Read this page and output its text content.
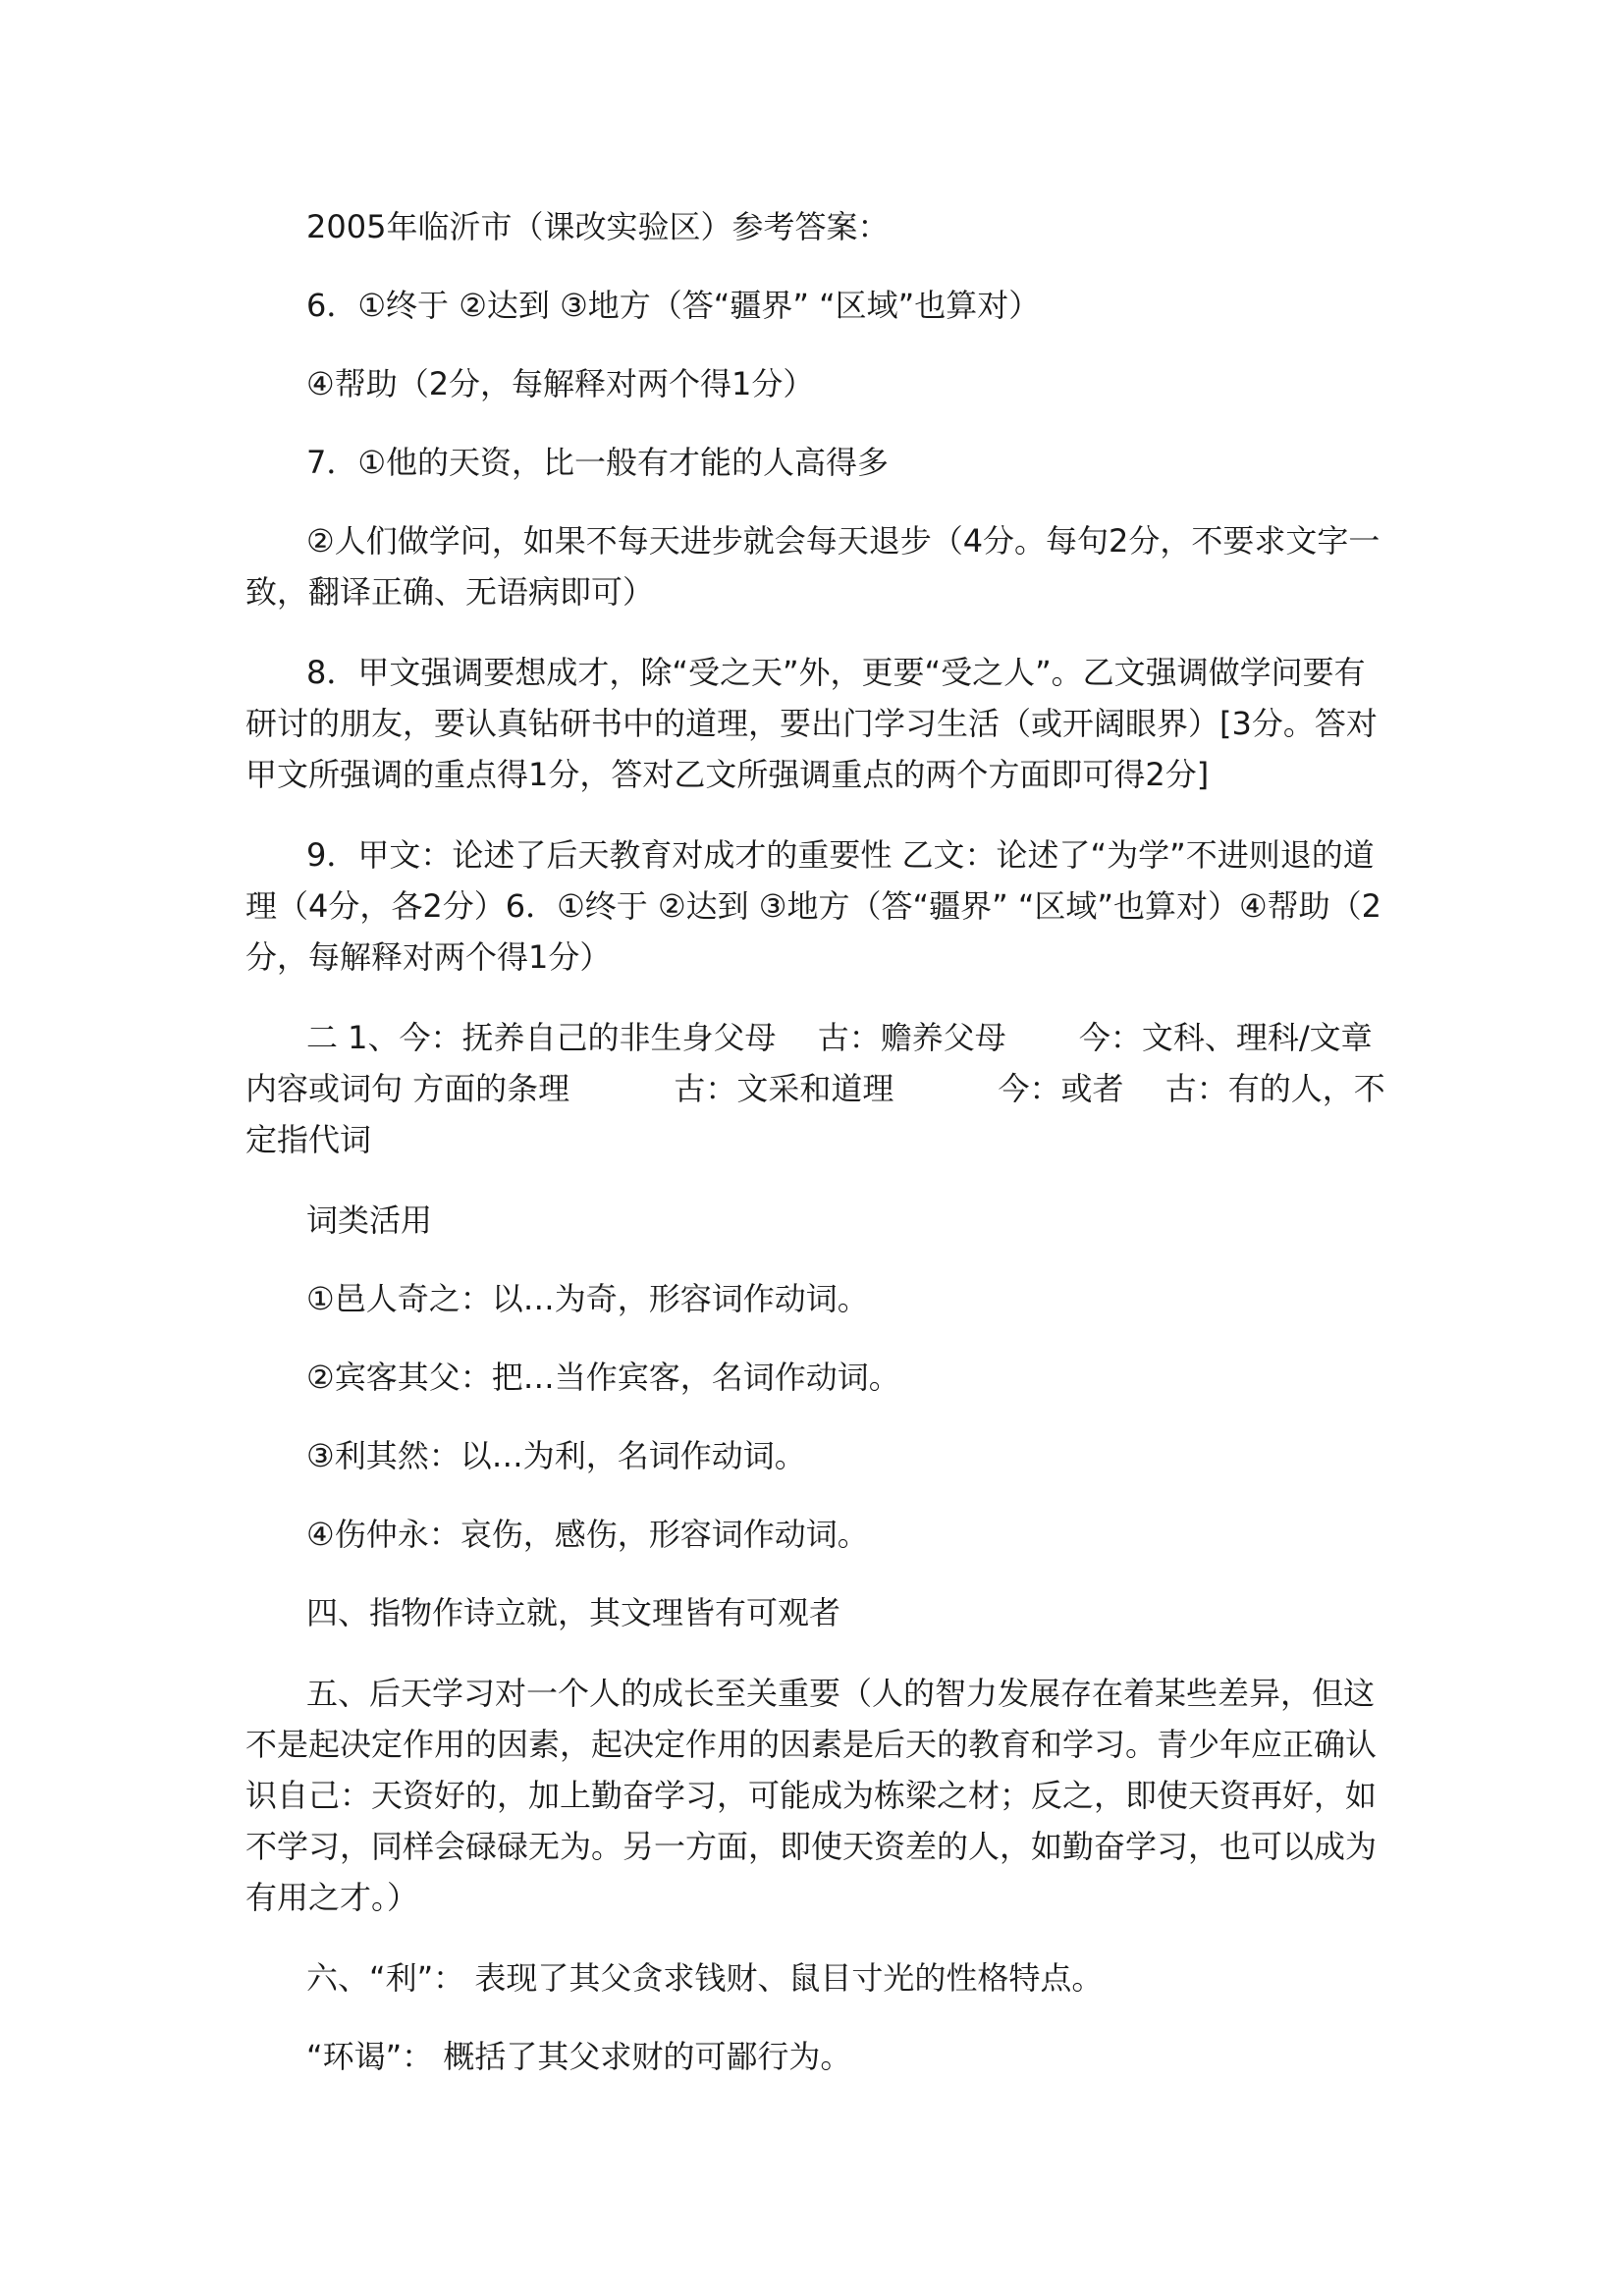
2005年临沂市（课改实验区）参考答案：

6．①终于 ②达到 ③地方（答“疆界” “区域”也算对）

④帮助（2分，每解释对两个得1分）

7．①他的天资，比一般有才能的人高得多

②人们做学问，如果不每天进步就会每天退步（4分。每句2分，不要求文字一致，翻译正确、无语病即可）

8．甲文强调要想成才，除“受之天”外，更要“受之人”。乙文强调做学问要有研讨的朋友，要认真钻研书中的道理，要出门学习生活（或开阔眼界）[3分。答对甲文所强调的重点得1分，答对乙文所强调重点的两个方面即可得2分]

9．甲文：论述了后天教育对成才的重要性 乙文：论述了“为学”不进则退的道理（4分，各2分）6．①终于 ②达到 ③地方（答“疆界” “区域”也算对）④帮助（2分，每解释对两个得1分）

二 1、今：抚养自己的非生身父母　 古：赡养父母　　 今：文科、理科/文章内容或词句 方面的条理　　　 古：文采和道理　　　 今：或者　 古：有的人，不定指代词

词类活用

①邑人奇之：以…为奇，形容词作动词。

②宾客其父：把…当作宾客，名词作动词。

③利其然：以…为利，名词作动词。

④伤仲永：哀伤，感伤，形容词作动词。

四、指物作诗立就，其文理皆有可观者

五、后天学习对一个人的成长至关重要（人的智力发展存在着某些差异，但这不是起决定作用的因素，起决定作用的因素是后天的教育和学习。青少年应正确认识自己：天资好的，加上勤奋学习，可能成为栋梁之材；反之，即使天资再好，如不学习，同样会碌碌无为。另一方面，即使天资差的人，如勤奋学习，也可以成为有用之才。）

六、“利”： 表现了其父贪求钱财、鼠目寸光的性格特点。

“环谒”： 概括了其父求财的可鄙行为。
